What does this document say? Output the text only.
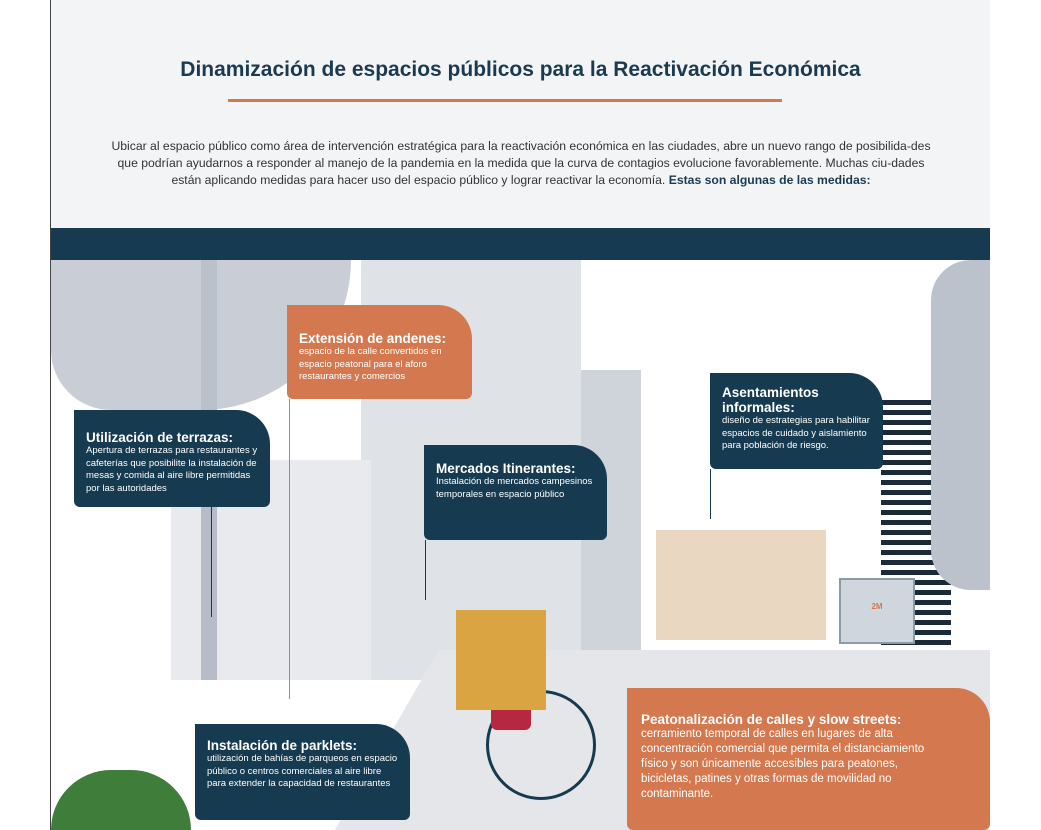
Dinamización de espacios públicos para la Reactivación Económica

Ubicar al espacio público como área de intervención estratégica para la reactivación económica en las ciudades, abre un nuevo rango de posibilida-des que podrían ayudarnos a responder al manejo de la pandemia en la medida que la curva de contagios evolucione favorablemente. Muchas ciu-dades están aplicando medidas para hacer uso del espacio público y lograr reactivar la economía. Estas son algunas de las medidas:

2M
Extensión de andenes:

espacio de la calle convertidos en espacio peatonal para el aforo restaurantes y comercios

Utilización de terrazas:

Apertura de terrazas para restaurantes y cafeterías que posibilite la instalación de mesas y comida al aire libre permitidas por las autoridades

Mercados Itinerantes:

Instalación de mercados campesinos temporales en espacio público

Asentamientos informales:

diseño de estrategias para habilitar espacios de cuidado y aislamiento para población de riesgo.

Instalación de parklets:

utilización de bahías de parqueos en espacio público o centros comerciales al aire libre para extender la capacidad de restaurantes

Peatonalización de calles y slow streets:

cerramiento temporal de calles en lugares de alta concentración comercial que permita el distanciamiento físico y son únicamente accesibles para peatones, bicicletas, patines y otras formas de movilidad no contaminante.
